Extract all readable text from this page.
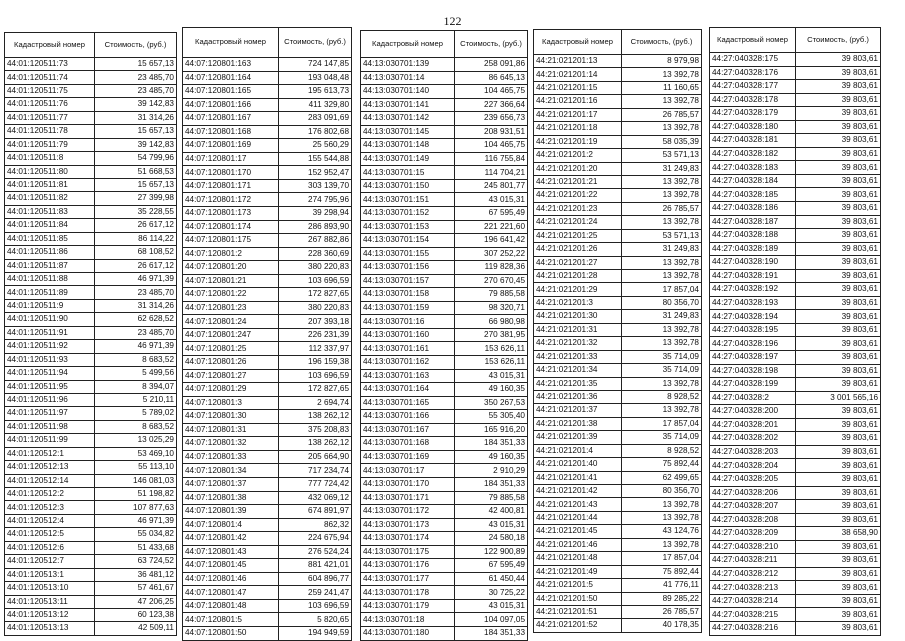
122
Кадастровый номер	Стоимость, (руб.)
44:01:120511:73	15 657,13
44:01:120511:74	23 485,70
44:01:120511:75	23 485,70
44:01:120511:76	39 142,83
44:01:120511:77	31 314,26
44:01:120511:78	15 657,13
44:01:120511:79	39 142,83
44:01:120511:8	54 799,96
44:01:120511:80	51 668,53
44:01:120511:81	15 657,13
44:01:120511:82	27 399,98
44:01:120511:83	35 228,55
44:01:120511:84	26 617,12
44:01:120511:85	86 114,22
44:01:120511:86	68 108,52
44:01:120511:87	26 617,12
44:01:120511:88	46 971,39
44:01:120511:89	23 485,70
44:01:120511:9	31 314,26
44:01:120511:90	62 628,52
44:01:120511:91	23 485,70
44:01:120511:92	46 971,39
44:01:120511:93	8 683,52
44:01:120511:94	5 499,56
44:01:120511:95	8 394,07
44:01:120511:96	5 210,11
44:01:120511:97	5 789,02
44:01:120511:98	8 683,52
44:01:120511:99	13 025,29
44:01:120512:1	53 469,10
44:01:120512:13	55 113,10
44:01:120512:14	146 081,03
44:01:120512:2	51 198,82
44:01:120512:3	107 877,63
44:01:120512:4	46 971,39
44:01:120512:5	55 034,82
44:01:120512:6	51 433,68
44:01:120512:7	63 724,52
44:01:120513:1	36 481,12
44:01:120513:10	57 461,67
44:01:120513:11	47 206,25
44:01:120513:12	60 123,38
44:01:120513:13	42 509,11
Кадастровый номер	Стоимость, (руб.)
44:07:120801:163	724 147,85
44:07:120801:164	193 048,48
44:07:120801:165	195 613,73
44:07:120801:166	411 329,80
44:07:120801:167	283 091,69
44:07:120801:168	176 802,68
44:07:120801:169	25 560,29
44:07:120801:17	155 544,88
44:07:120801:170	152 952,47
44:07:120801:171	303 139,70
44:07:120801:172	274 795,96
44:07:120801:173	39 298,94
44:07:120801:174	286 893,90
44:07:120801:175	267 882,86
44:07:120801:2	228 360,69
44:07:120801:20	380 220,83
44:07:120801:21	103 696,59
44:07:120801:22	172 827,65
44:07:120801:23	380 220,83
44:07:120801:24	207 393,18
44:07:120801:247	226 231,39
44:07:120801:25	112 337,97
44:07:120801:26	196 159,38
44:07:120801:27	103 696,59
44:07:120801:29	172 827,65
44:07:120801:3	2 694,74
44:07:120801:30	138 262,12
44:07:120801:31	375 208,83
44:07:120801:32	138 262,12
44:07:120801:33	205 664,90
44:07:120801:34	717 234,74
44:07:120801:37	777 724,42
44:07:120801:38	432 069,12
44:07:120801:39	674 891,97
44:07:120801:4	862,32
44:07:120801:42	224 675,94
44:07:120801:43	276 524,24
44:07:120801:45	881 421,01
44:07:120801:46	604 896,77
44:07:120801:47	259 241,47
44:07:120801:48	103 696,59
44:07:120801:5	5 820,65
44:07:120801:50	194 949,59
Кадастровый номер	Стоимость, (руб.)
44:13:030701:139	258 091,86
44:13:030701:14	86 645,13
44:13:030701:140	104 465,75
44:13:030701:141	227 366,64
44:13:030701:142	239 656,73
44:13:030701:145	208 931,51
44:13:030701:148	104 465,75
44:13:030701:149	116 755,84
44:13:030701:15	114 704,21
44:13:030701:150	245 801,77
44:13:030701:151	43 015,31
44:13:030701:152	67 595,49
44:13:030701:153	221 221,60
44:13:030701:154	196 641,42
44:13:030701:155	307 252,22
44:13:030701:156	119 828,36
44:13:030701:157	270 670,45
44:13:030701:158	79 885,58
44:13:030701:159	98 320,71
44:13:030701:16	66 980,98
44:13:030701:160	270 381,95
44:13:030701:161	153 626,11
44:13:030701:162	153 626,11
44:13:030701:163	43 015,31
44:13:030701:164	49 160,35
44:13:030701:165	350 267,53
44:13:030701:166	55 305,40
44:13:030701:167	165 916,20
44:13:030701:168	184 351,33
44:13:030701:169	49 160,35
44:13:030701:17	2 910,29
44:13:030701:170	184 351,33
44:13:030701:171	79 885,58
44:13:030701:172	42 400,81
44:13:030701:173	43 015,31
44:13:030701:174	24 580,18
44:13:030701:175	122 900,89
44:13:030701:176	67 595,49
44:13:030701:177	61 450,44
44:13:030701:178	30 725,22
44:13:030701:179	43 015,31
44:13:030701:18	104 097,05
44:13:030701:180	184 351,33
Кадастровый номер	Стоимость, (руб.)
44:21:021201:13	8 979,98
44:21:021201:14	13 392,78
44:21:021201:15	11 160,65
44:21:021201:16	13 392,78
44:21:021201:17	26 785,57
44:21:021201:18	13 392,78
44:21:021201:19	58 035,39
44:21:021201:2	53 571,13
44:21:021201:20	31 249,83
44:21:021201:21	13 392,78
44:21:021201:22	13 392,78
44:21:021201:23	26 785,57
44:21:021201:24	13 392,78
44:21:021201:25	53 571,13
44:21:021201:26	31 249,83
44:21:021201:27	13 392,78
44:21:021201:28	13 392,78
44:21:021201:29	17 857,04
44:21:021201:3	80 356,70
44:21:021201:30	31 249,83
44:21:021201:31	13 392,78
44:21:021201:32	13 392,78
44:21:021201:33	35 714,09
44:21:021201:34	35 714,09
44:21:021201:35	13 392,78
44:21:021201:36	8 928,52
44:21:021201:37	13 392,78
44:21:021201:38	17 857,04
44:21:021201:39	35 714,09
44:21:021201:4	8 928,52
44:21:021201:40	75 892,44
44:21:021201:41	62 499,65
44:21:021201:42	80 356,70
44:21:021201:43	13 392,78
44:21:021201:44	13 392,78
44:21:021201:45	43 124,76
44:21:021201:46	13 392,78
44:21:021201:48	17 857,04
44:21:021201:49	75 892,44
44:21:021201:5	41 776,11
44:21:021201:50	89 285,22
44:21:021201:51	26 785,57
44:21:021201:52	40 178,35
Кадастровый номер	Стоимость, (руб.)
44:27:040328:175	39 803,61
44:27:040328:176	39 803,61
44:27:040328:177	39 803,61
44:27:040328:178	39 803,61
44:27:040328:179	39 803,61
44:27:040328:180	39 803,61
44:27:040328:181	39 803,61
44:27:040328:182	39 803,61
44:27:040328:183	39 803,61
44:27:040328:184	39 803,61
44:27:040328:185	39 803,61
44:27:040328:186	39 803,61
44:27:040328:187	39 803,61
44:27:040328:188	39 803,61
44:27:040328:189	39 803,61
44:27:040328:190	39 803,61
44:27:040328:191	39 803,61
44:27:040328:192	39 803,61
44:27:040328:193	39 803,61
44:27:040328:194	39 803,61
44:27:040328:195	39 803,61
44:27:040328:196	39 803,61
44:27:040328:197	39 803,61
44:27:040328:198	39 803,61
44:27:040328:199	39 803,61
44:27:040328:2	3 001 565,16
44:27:040328:200	39 803,61
44:27:040328:201	39 803,61
44:27:040328:202	39 803,61
44:27:040328:203	39 803,61
44:27:040328:204	39 803,61
44:27:040328:205	39 803,61
44:27:040328:206	39 803,61
44:27:040328:207	39 803,61
44:27:040328:208	39 803,61
44:27:040328:209	38 658,90
44:27:040328:210	39 803,61
44:27:040328:211	39 803,61
44:27:040328:212	39 803,61
44:27:040328:213	39 803,61
44:27:040328:214	39 803,61
44:27:040328:215	39 803,61
44:27:040328:216	39 803,61
